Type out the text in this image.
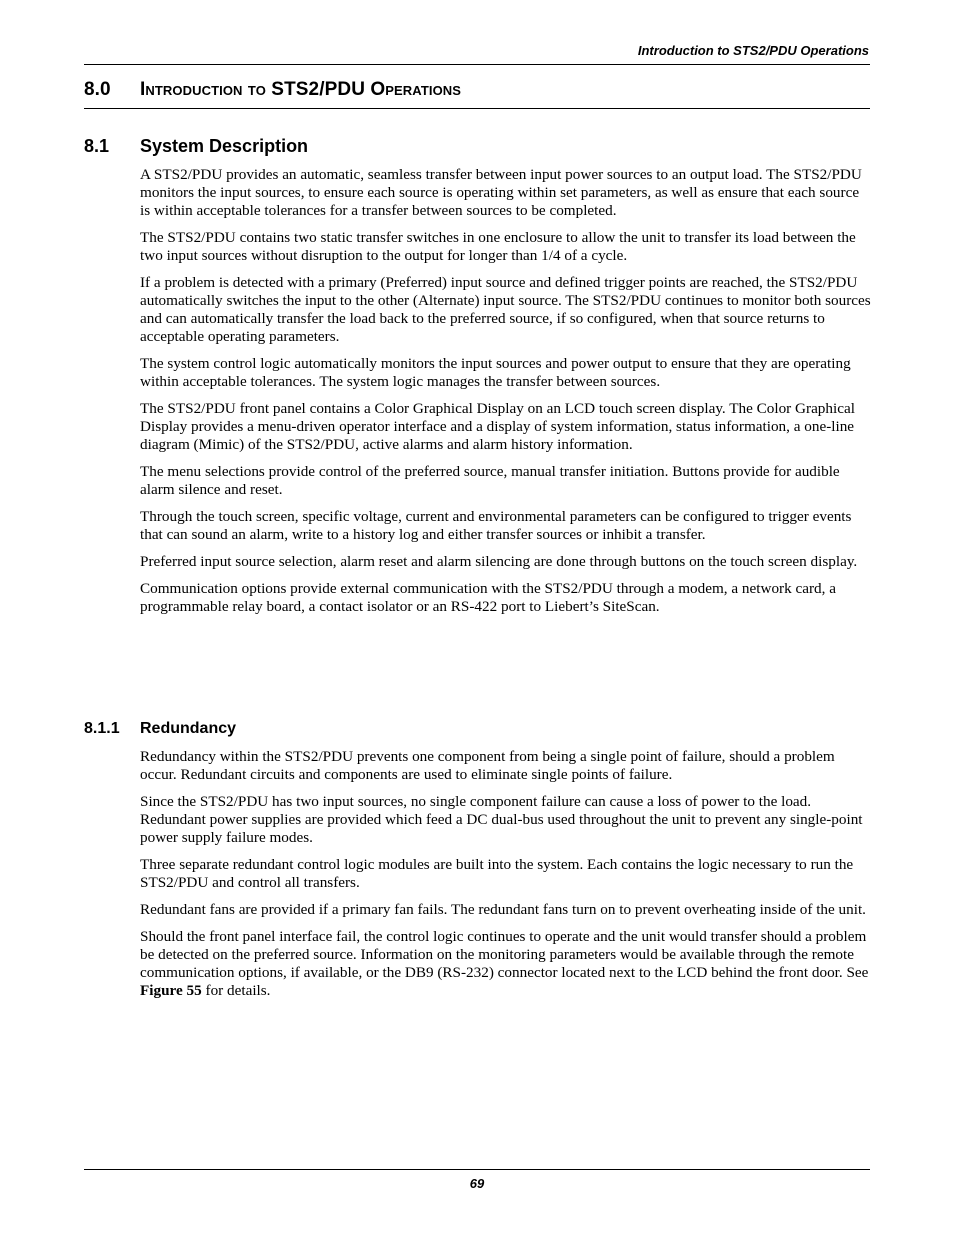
Introduction to STS2/PDU Operations
8.0 Introduction to STS2/PDU Operations
8.1 System Description

A STS2/PDU provides an automatic, seamless transfer between input power sources to an output load. The STS2/PDU monitors the input sources, to ensure each source is operating within set parameters, as well as ensure that each source is within acceptable tolerances for a transfer between sources to be completed.

The STS2/PDU contains two static transfer switches in one enclosure to allow the unit to transfer its load between the two input sources without disruption to the output for longer than 1/4 of a cycle.

If a problem is detected with a primary (Preferred) input source and defined trigger points are reached, the STS2/PDU automatically switches the input to the other (Alternate) input source. The STS2/PDU continues to monitor both sources and can automatically transfer the load back to the preferred source, if so configured, when that source returns to acceptable operating parameters.

The system control logic automatically monitors the input sources and power output to ensure that they are operating within acceptable tolerances. The system logic manages the transfer between sources.

The STS2/PDU front panel contains a Color Graphical Display on an LCD touch screen display. The Color Graphical Display provides a menu-driven operator interface and a display of system information, status information, a one-line diagram (Mimic) of the STS2/PDU, active alarms and alarm history information.

The menu selections provide control of the preferred source, manual transfer initiation. Buttons provide for audible alarm silence and reset.

Through the touch screen, specific voltage, current and environmental parameters can be configured to trigger events that can sound an alarm, write to a history log and either transfer sources or inhibit a transfer.

Preferred input source selection, alarm reset and alarm silencing are done through buttons on the touch screen display.

Communication options provide external communication with the STS2/PDU through a modem, a network card, a programmable relay board, a contact isolator or an RS-422 port to Liebert’s SiteScan.

8.1.1 Redundancy

Redundancy within the STS2/PDU prevents one component from being a single point of failure, should a problem occur. Redundant circuits and components are used to eliminate single points of failure.

Since the STS2/PDU has two input sources, no single component failure can cause a loss of power to the load. Redundant power supplies are provided which feed a DC dual-bus used throughout the unit to prevent any single-point power supply failure modes.

Three separate redundant control logic modules are built into the system. Each contains the logic necessary to run the STS2/PDU and control all transfers.

Redundant fans are provided if a primary fan fails. The redundant fans turn on to prevent overheating inside of the unit.

Should the front panel interface fail, the control logic continues to operate and the unit would transfer should a problem be detected on the preferred source. Information on the monitoring parameters would be available through the remote communication options, if available, or the DB9 (RS-232) connector located next to the LCD behind the front door. See Figure 55 for details.

69
